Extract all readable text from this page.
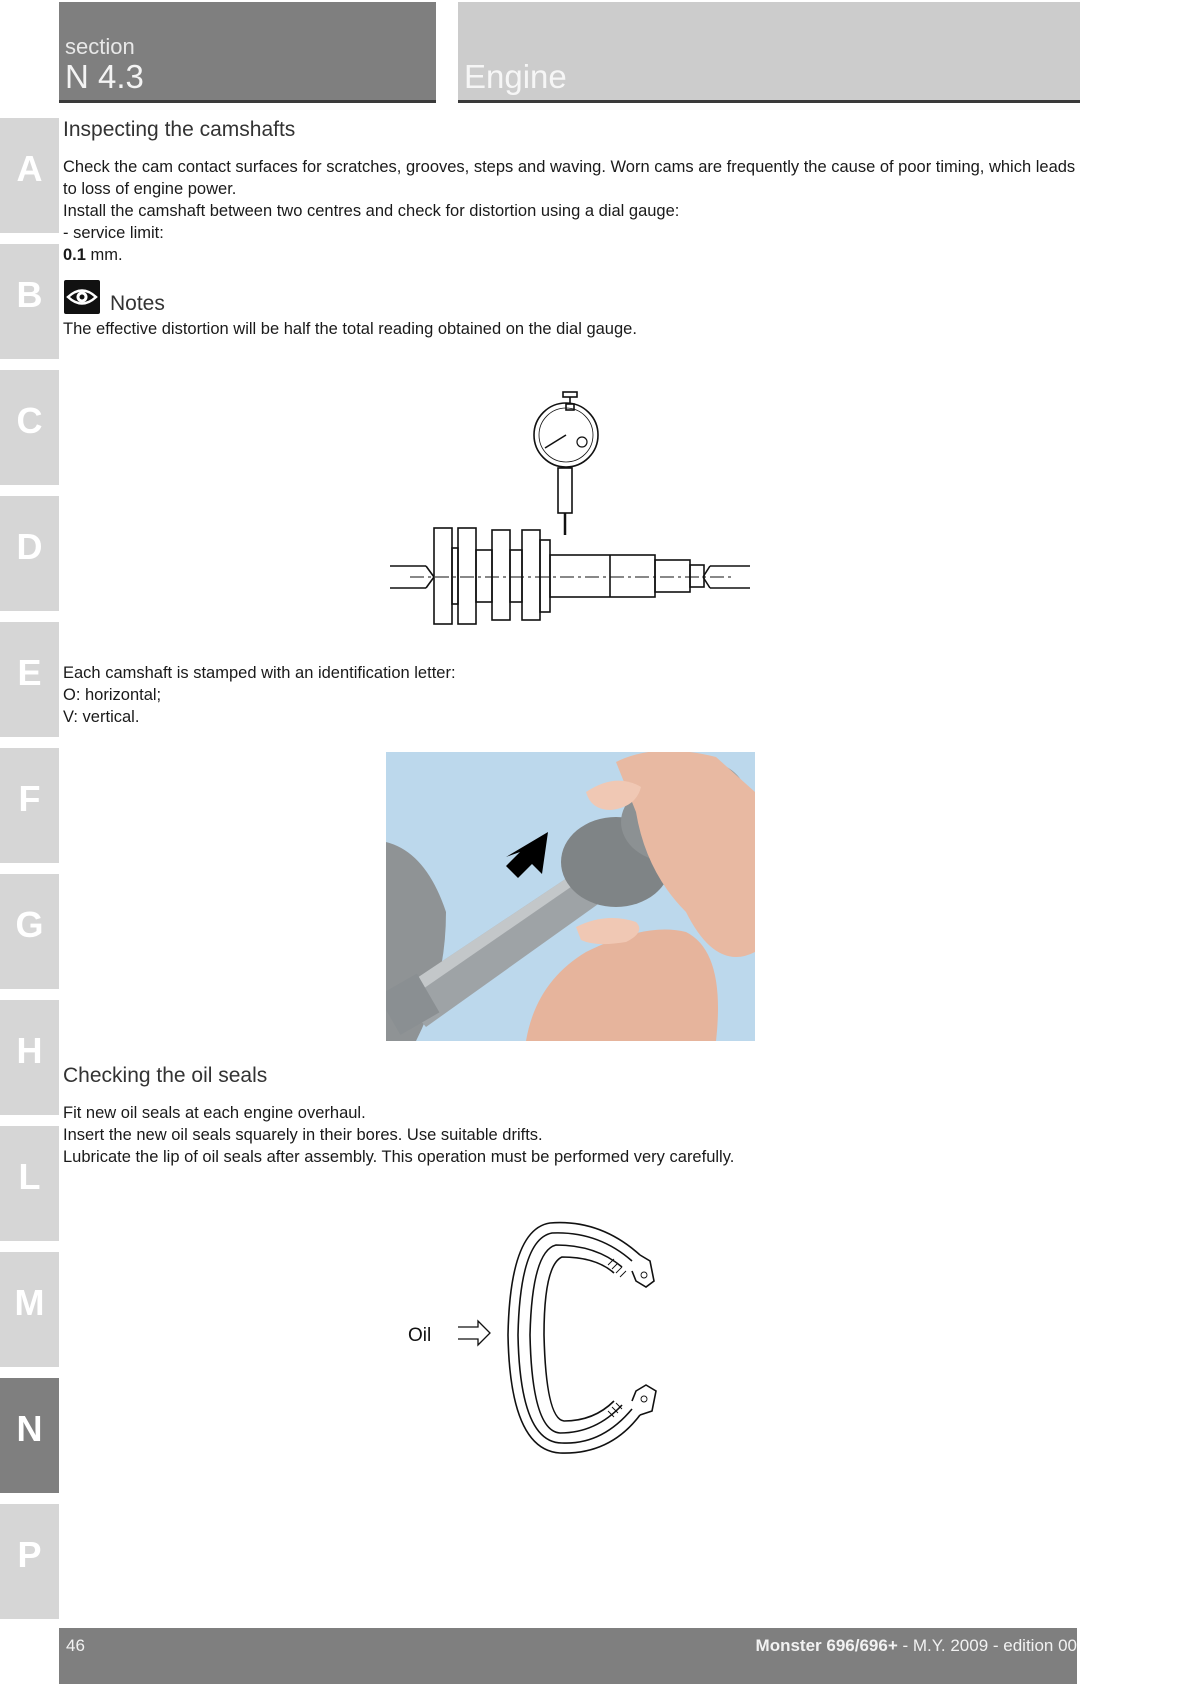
section
N 4.3	Engine
A
B
C
D
E
F
G
H
L
M
N
P
Inspecting the camshafts
Check the cam contact surfaces for scratches, grooves, steps and waving. Worn cams are frequently the cause of poor timing, which leads to loss of engine power.
Install the camshaft between two centres and check for distortion using a dial gauge:
- service limit:
0.1 mm.
Notes
The effective distortion will be half the total reading obtained on the dial gauge.
Each camshaft is stamped with an identification letter:
O: horizontal;
V: vertical.
Checking the oil seals
Fit new oil seals at each engine overhaul.
Insert the new oil seals squarely in their bores. Use suitable drifts.
Lubricate the lip of oil seals after assembly. This operation must be performed very carefully.
Oil
46	Monster 696/696+ - M.Y. 2009 - edition 00
